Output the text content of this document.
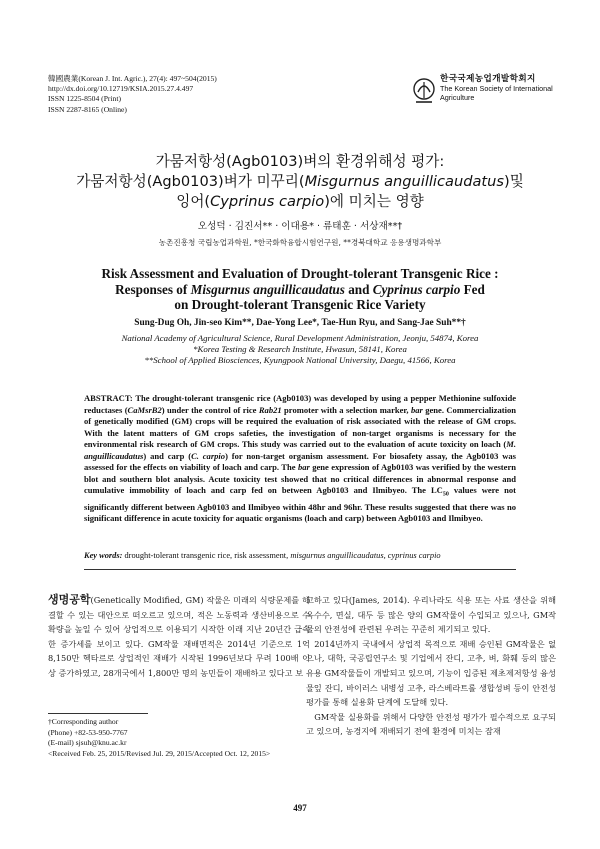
韓國農業(Korean J. Int. Agric.), 27(4): 497~504(2015)
http://dx.doi.org/10.12719/KSIA.2015.27.4.497
ISSN 1225-8504 (Print)
ISSN 2287-8165 (Online)
한국국제농업개발학회지
The Korean Society of International
Agriculture
가뭄저항성(Agb0103)벼의 환경위해성 평가:
가뭄저항성(Agb0103)벼가 미꾸리(Misgurnus anguillicaudatus)및
잉어(Cyprinus carpio)에 미치는 영향
오성덕 · 김진서** · 이대용* · 류태훈 · 서상재**†
농촌진흥청 국립농업과학원, *한국화학융합시험연구원, **경북대학교 응용생명과학부
Risk Assessment and Evaluation of Drought-tolerant Transgenic Rice :
Responses of Misgurnus anguillicaudatus and Cyprinus carpio Fed
on Drought-tolerant Transgenic Rice Variety
Sung-Dug Oh, Jin-seo Kim**, Dae-Yong Lee*, Tae-Hun Ryu, and Sang-Jae Suh**†
National Academy of Agricultural Science, Rural Development Administration, Jeonju, 54874, Korea
*Korea Testing & Research Institute, Hwasun, 58141, Korea
**School of Applied Biosciences, Kyungpook National University, Daegu, 41566, Korea
ABSTRACT: The drought-tolerant transgenic rice (Agb0103) was developed by using a pepper Methionine sulfoxide reductases (CaMsrB2) under the control of rice Rab21 promoter with a selection marker, bar gene. Commercialization of genetically modified (GM) crops will be required the evaluation of risk associated with the release of GM crops. With the latent matters of GM crops safeties, the investigation of non-target organisms is necessary for the environmental risk research of GM crops. This study was carried out to the evaluation of acute toxicity on loach (M. anguillicaudatus) and carp (C. carpio) for non-target organism assessment. For biosafety assay, the Agb0103 was assessed for the effects on viability of loach and carp. The bar gene expression of Agb0103 was verified by the western blot and southern blot analysis. Acute toxicity test showed that no critical differences in abnormal response and cumulative immobility of loach and carp fed on between Agb0103 and Ilmibyeo. The $LC_{50}$ values were not significantly different between Agb0103 and Ilmibyeo within 48hr and 96hr. These results suggested that there was no significant difference in acute toxicity for aquatic organisms (loach and carp) between Agb0103 and Ilmibyeo.
Key words: drought-tolerant transgenic rice, risk assessment, misgurnus anguillicaudatus, cyprinus carpio

생명공학(Genetically Modified, GM) 작물은 미래의 식량문제를 해결할 수 있는 대안으로 떠오르고 있으며, 적은 노동력과 생산비용으로 수확량을 높일 수 있어 상업적으로 이용되기 시작한 이래 지난 20년간 급속한 증가세를 보이고 있다. GM작물 재배면적은 2014년 기준으로 1억 8,150만 헥타르로 상업적인 재배가 시작된 1996년보다 무려 100배 이상 증가하였고, 28개국에서 1,800만 명의 농민들이 재배하고 있다고 보

고하고 있다(James, 2014). 우리나라도 식용 또는 사료 생산을 위해 옥수수, 면실, 대두 등 많은 양의 GM작물이 수입되고 있으나, GM작물의 안전성에 관련된 우려는 꾸준히 제기되고 있다.

2014년까지 국내에서 상업적 목적으로 재배 승인된 GM작물은 없으나, 대학, 국공립연구소 및 기업에서 잔디, 고추, 벼, 화훼 등의 많은 유용 GM작물들이 개발되고 있으며, 기능이 입증된 제초제저항성 융성물잎 잔디, 바이러스 내병성 고추, 라스베라트롤 생합성벼 등이 안전성 평가를 통해 실용화 단계에 도달해 있다.

GM작물 실용화를 위해서 다양한 안전성 평가가 필수적으로 요구되고 있으며, 농경지에 재배되기 전에 환경에 미치는 잠재

†Corresponding author
(Phone) +82-53-950-7767
(E-mail) sjsuh@knu.ac.kr
<Received Feb. 25, 2015/Revised Jul. 29, 2015/Accepted Oct. 12, 2015>
497
